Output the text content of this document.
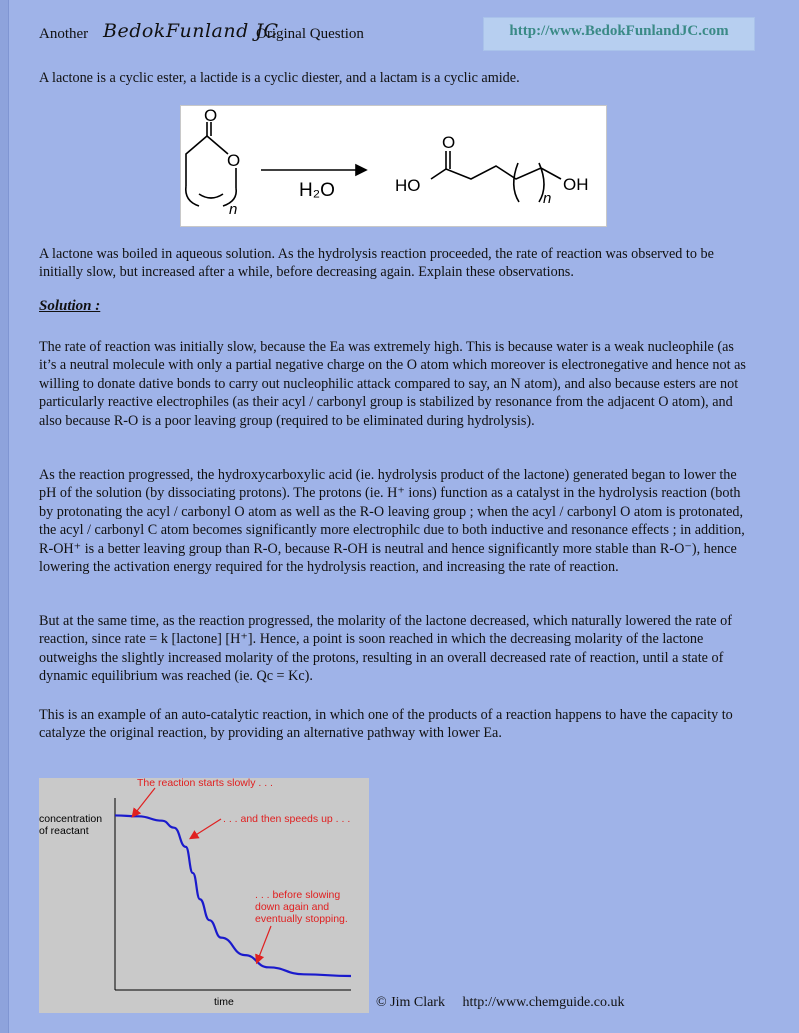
Another BedokFunland JC
Original Question	http://www.BedokFunlandJC.com

A lactone is a cyclic ester, a lactide is a cyclic diester, and a lactam is a cyclic amide.

O
O
n
H₂O
O
HO	OH
n

A lactone was boiled in aqueous solution. As the hydrolysis reaction proceeded, the rate of reaction was observed to be initially slow, but increased after a while, before decreasing again. Explain these observations.

Solution :

The rate of reaction was initially slow, because the Ea was extremely high. This is because water is a weak nucleophile (as it’s a neutral molecule with only a partial negative charge on the O atom which moreover is electronegative and hence not as willing to donate dative bonds to carry out nucleophilic attack compared to say, an N atom), and also because esters are not particularly reactive electrophiles (as their acyl / carbonyl group is stabilized by resonance from the adjacent O atom), and also because R-O is a poor leaving group (required to be eliminated during hydrolysis).

As the reaction progressed, the hydroxycarboxylic acid (ie. hydrolysis product of the lactone) generated began to lower the pH of the solution (by dissociating protons). The protons (ie. H⁺ ions) function as a catalyst in the hydrolysis reaction (both by protonating the acyl / carbonyl O atom as well as the R-O leaving group ; when the acyl / carbonyl O atom is protonated, the acyl / carbonyl C atom becomes significantly more electrophilc due to both inductive and resonance effects ; in addition, R-OH⁺ is a better leaving group than R-O, because R-OH is neutral and hence significantly more stable than R-O⁻), hence lowering the activation energy required for the hydrolysis reaction, and increasing the rate of reaction.

But at the same time, as the reaction progressed, the molarity of the lactone decreased, which naturally lowered the rate of reaction, since rate = k [lactone] [H⁺]. Hence, a point is soon reached in which the decreasing molarity of the lactone outweighs the slightly increased molarity of the protons, resulting in an overall decreased rate of reaction, until a state of dynamic equilibrium was reached (ie. Qc = Kc).

This is an example of an auto-catalytic reaction, in which one of the products of a reaction happens to have the capacity to catalyze the original reaction, by providing an alternative pathway with lower Ea.

concentration
of reactant
time
The reaction starts slowly . . .
. . . and then speeds up . . .
. . . before slowing
down again and
eventually stopping.
© Jim Clark http://www.chemguide.co.uk
